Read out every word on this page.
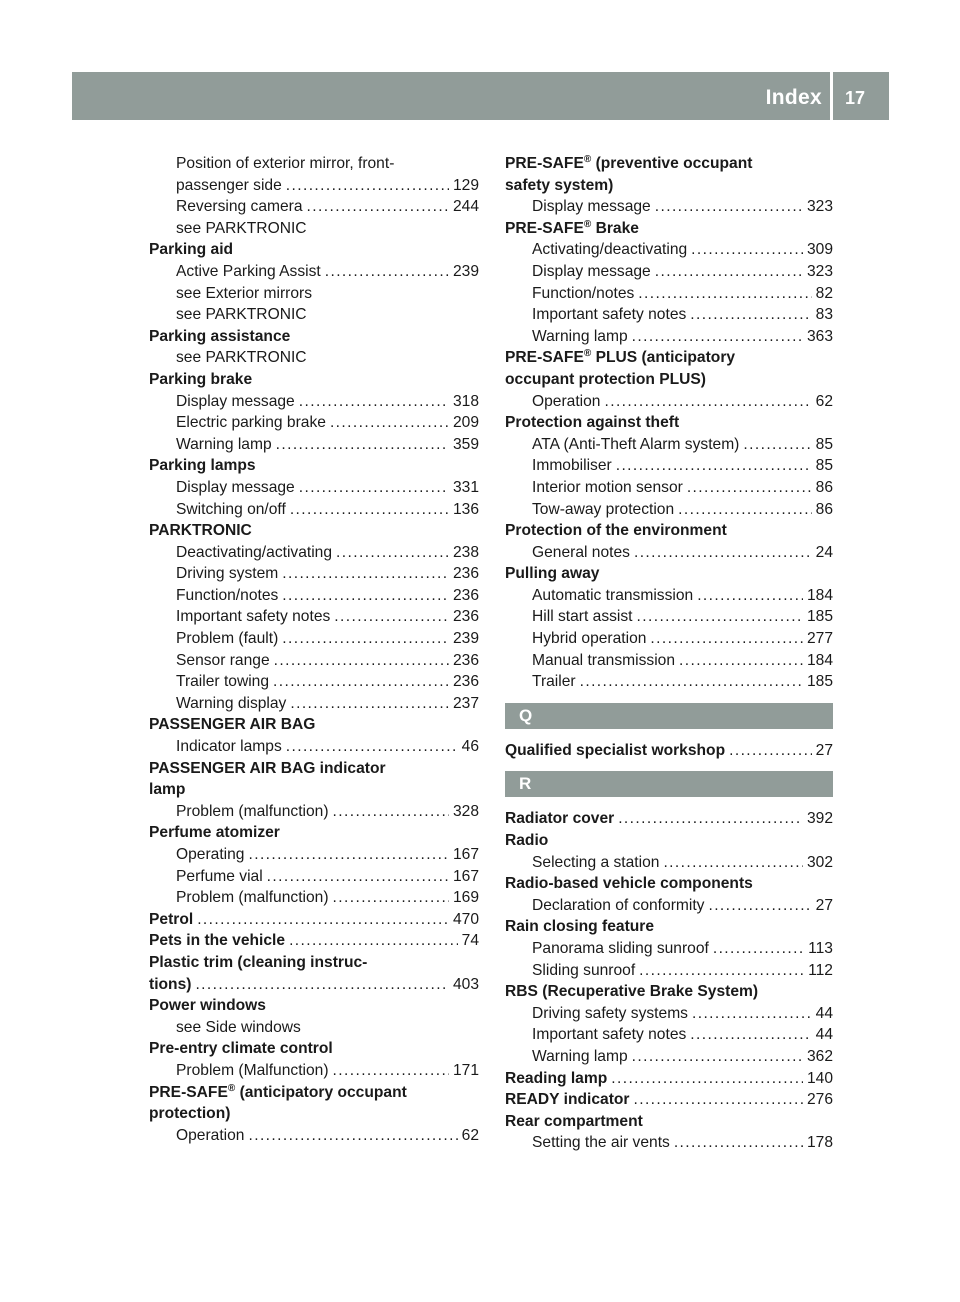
Index 17
Position of exterior mirror, front-
passenger side .....	129
Reversing camera .....	244
see PARKTRONIC
Parking aid
Active Parking Assist .....	239
see Exterior mirrors
see PARKTRONIC
Parking assistance
see PARKTRONIC
Parking brake
Display message .....	318
Electric parking brake .....	209
Warning lamp .....	359
Parking lamps
Display message .....	331
Switching on/off .....	136
PARKTRONIC
Deactivating/activating .....	238
Driving system .....	236
Function/notes .....	236
Important safety notes .....	236
Problem (fault) .....	239
Sensor range .....	236
Trailer towing .....	236
Warning display .....	237
PASSENGER AIR BAG
Indicator lamps .....	46
PASSENGER AIR BAG indicator
lamp
Problem (malfunction) .....	328
Perfume atomizer
Operating .....	167
Perfume vial .....	167
Problem (malfunction) .....	169
Petrol .....	470
Pets in the vehicle .....	74
Plastic trim (cleaning instruc-
tions) .....	403
Power windows
see Side windows
Pre-entry climate control
Problem (Malfunction) .....	171
PRE-SAFE® (anticipatory occupant
protection)
Operation .....	62
PRE-SAFE® (preventive occupant
safety system)
Display message .....	323
PRE-SAFE® Brake
Activating/deactivating .....	309
Display message .....	323
Function/notes .....	82
Important safety notes .....	83
Warning lamp .....	363
PRE-SAFE® PLUS (anticipatory
occupant protection PLUS)
Operation .....	62
Protection against theft
ATA (Anti-Theft Alarm system) .....	85
Immobiliser .....	85
Interior motion sensor .....	86
Tow-away protection .....	86
Protection of the environment
General notes .....	24
Pulling away
Automatic transmission .....	184
Hill start assist .....	185
Hybrid operation .....	277
Manual transmission .....	184
Trailer .....	185
Q
Qualified specialist workshop .....	27
R
Radiator cover .....	392
Radio
Selecting a station .....	302
Radio-based vehicle components
Declaration of conformity .....	27
Rain closing feature
Panorama sliding sunroof .....	113
Sliding sunroof .....	112
RBS (Recuperative Brake System)
Driving safety systems .....	44
Important safety notes .....	44
Warning lamp .....	362
Reading lamp .....	140
READY indicator .....	276
Rear compartment
Setting the air vents .....	178
